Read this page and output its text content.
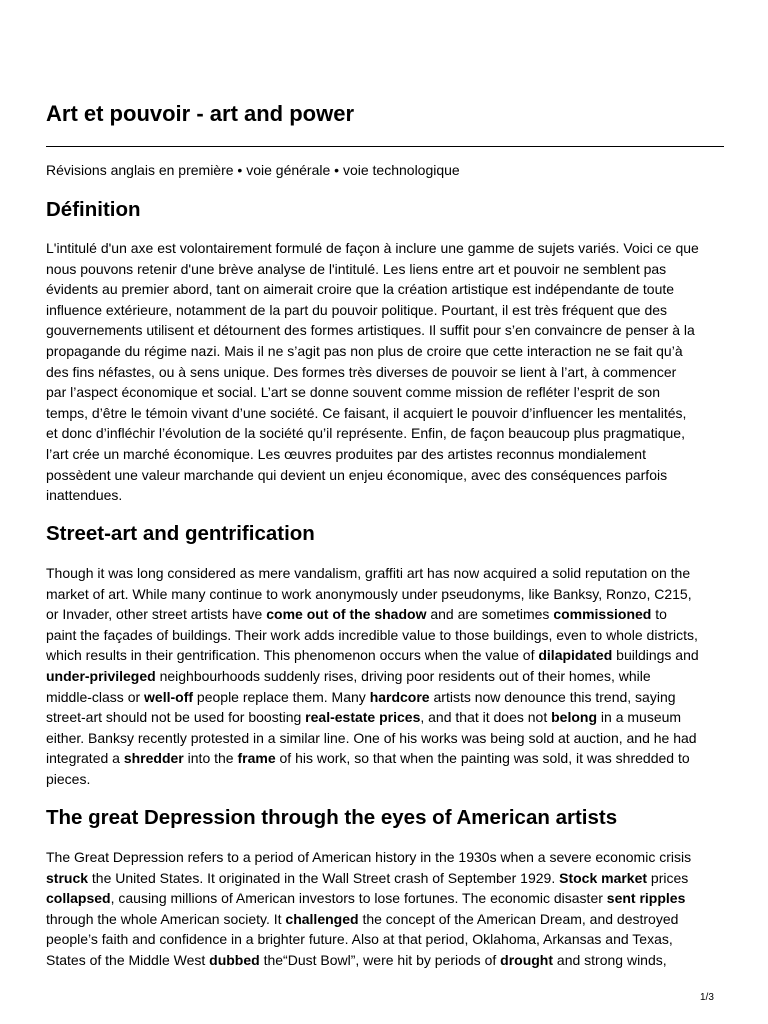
Art et pouvoir - art and power
Révisions anglais en première • voie générale • voie technologique
Définition
L'intitulé d'un axe est volontairement formulé de façon à inclure une gamme de sujets variés. Voici ce que
nous pouvons retenir d'une brève analyse de l'intitulé. Les liens entre art et pouvoir ne semblent pas
évidents au premier abord, tant on aimerait croire que la création artistique est indépendante de toute
influence extérieure, notamment de la part du pouvoir politique. Pourtant, il est très fréquent que des
gouvernements utilisent et détournent des formes artistiques. Il suffit pour s’en convaincre de penser à la
propagande du régime nazi. Mais il ne s’agit pas non plus de croire que cette interaction ne se fait qu’à
des fins néfastes, ou à sens unique. Des formes très diverses de pouvoir se lient à l’art, à commencer
par l’aspect économique et social. L’art se donne souvent comme mission de refléter l’esprit de son
temps, d’être le témoin vivant d’une société. Ce faisant, il acquiert le pouvoir d’influencer les mentalités,
et donc d’infléchir l’évolution de la société qu’il représente. Enfin, de façon beaucoup plus pragmatique,
l’art crée un marché économique. Les œuvres produites par des artistes reconnus mondialement
possèdent une valeur marchande qui devient un enjeu économique, avec des conséquences parfois
inattendues.
Street-art and gentrification
Though it was long considered as mere vandalism, graffiti art has now acquired a solid reputation on the
market of art. While many continue to work anonymously under pseudonyms, like Banksy, Ronzo, C215,
or Invader, other street artists have come out of the shadow and are sometimes commissioned to
paint the façades of buildings. Their work adds incredible value to those buildings, even to whole districts,
which results in their gentrification. This phenomenon occurs when the value of dilapidated buildings and
under-privileged neighbourhoods suddenly rises, driving poor residents out of their homes, while
middle-class or well-off people replace them. Many hardcore artists now denounce this trend, saying
street-art should not be used for boosting real-estate prices, and that it does not belong in a museum
either. Banksy recently protested in a similar line. One of his works was being sold at auction, and he had
integrated a shredder into the frame of his work, so that when the painting was sold, it was shredded to
pieces.
The great Depression through the eyes of American artists
The Great Depression refers to a period of American history in the 1930s when a severe economic crisis
struck the United States. It originated in the Wall Street crash of September 1929. Stock market prices
collapsed, causing millions of American investors to lose fortunes. The economic disaster sent ripples
through the whole American society. It challenged the concept of the American Dream, and destroyed
people’s faith and confidence in a brighter future. Also at that period, Oklahoma, Arkansas and Texas,
States of the Middle West dubbed the“Dust Bowl”, were hit by periods of drought and strong winds,
1/3
